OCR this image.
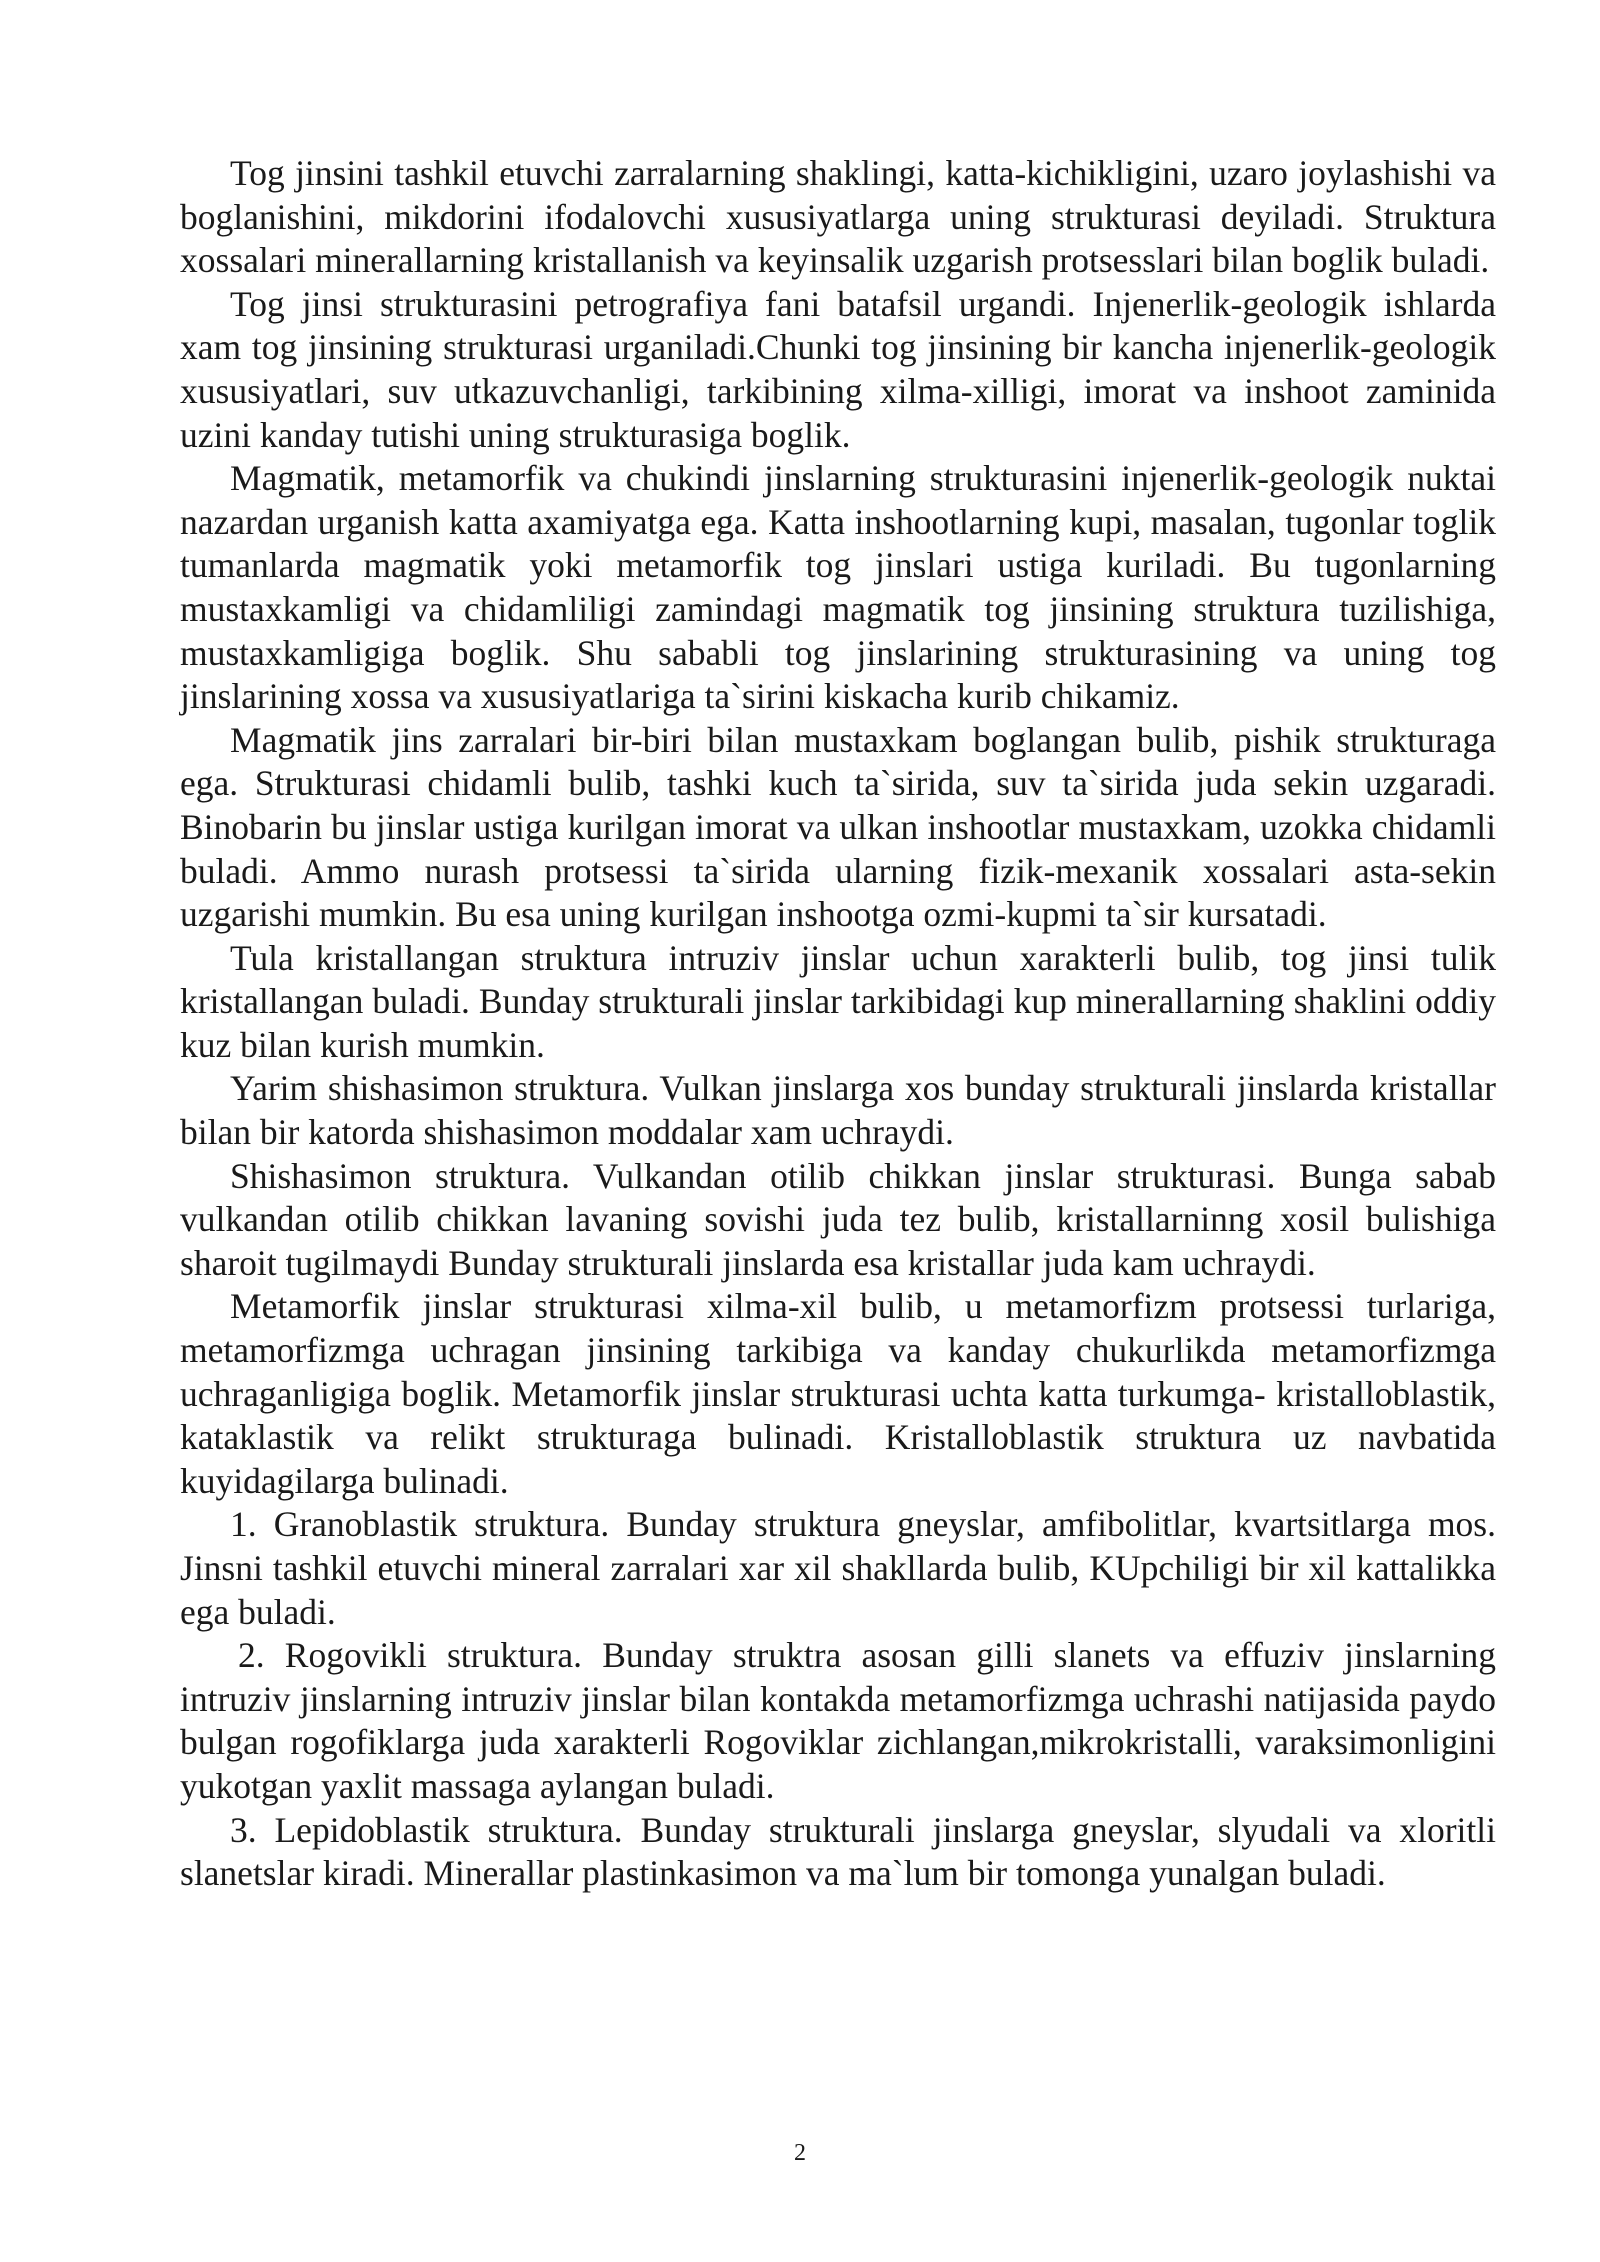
Tog jinsini tashkil etuvchi zarralarning shaklingi, katta-kichikligini, uzaro joylashishi va boglanishini, mikdorini ifodalovchi xususiyatlarga uning strukturasi deyiladi. Struktura xossalari minerallarning kristallanish va keyinsalik uzgarish protsesslari bilan boglik buladi.

Tog jinsi strukturasini petrografiya fani batafsil urgandi. Injenerlik-geologik ishlarda xam tog jinsining strukturasi urganiladi.Chunki tog jinsining bir kancha injenerlik-geologik xususiyatlari, suv utkazuvchanligi, tarkibining xilma-xilligi, imorat va inshoot zaminida uzini kanday tutishi uning strukturasiga boglik.

Magmatik, metamorfik va chukindi jinslarning strukturasini injenerlik-geologik nuktai nazardan urganish katta axamiyatga ega. Katta inshootlarning kupi, masalan, tugonlar toglik tumanlarda magmatik yoki metamorfik tog jinslari ustiga kuriladi. Bu tugonlarning mustaxkamligi va chidamliligi zamindagi magmatik tog jinsining struktura tuzilishiga, mustaxkamligiga boglik. Shu sababli tog jinslarining strukturasining va uning tog jinslarining xossa va xususiyatlariga ta`sirini kiskacha kurib chikamiz.

Magmatik jins zarralari bir-biri bilan mustaxkam boglangan bulib, pishik strukturaga ega. Strukturasi chidamli bulib, tashki kuch ta`sirida, suv ta`sirida juda sekin uzgaradi. Binobarin bu jinslar ustiga kurilgan imorat va ulkan inshootlar mustaxkam, uzokka chidamli buladi. Ammo nurash protsessi ta`sirida ularning fizik-mexanik xossalari asta-sekin uzgarishi mumkin. Bu esa uning kurilgan inshootga ozmi-kupmi ta`sir kursatadi.

Tula kristallangan struktura intruziv jinslar uchun xarakterli bulib, tog jinsi tulik kristallangan buladi. Bunday strukturali jinslar tarkibidagi kup minerallarning shaklini oddiy kuz bilan kurish mumkin.

Yarim shishasimon struktura. Vulkan jinslarga xos bunday strukturali jinslarda kristallar bilan bir katorda shishasimon moddalar xam uchraydi.

Shishasimon struktura. Vulkandan otilib chikkan jinslar strukturasi. Bunga sabab vulkandan otilib chikkan lavaning sovishi juda tez bulib, kristallarninng xosil bulishiga sharoit tugilmaydi Bunday strukturali jinslarda esa kristallar juda kam uchraydi.

Metamorfik jinslar strukturasi xilma-xil bulib, u metamorfizm protsessi turlariga, metamorfizmga uchragan jinsining tarkibiga va kanday chukurlikda metamorfizmga uchraganligiga boglik. Metamorfik jinslar strukturasi uchta katta turkumga- kristalloblastik, kataklastik va relikt strukturaga bulinadi. Kristalloblastik struktura uz navbatida kuyidagilarga bulinadi.

1. Granoblastik struktura. Bunday struktura gneyslar, amfibolitlar, kvartsitlarga mos. Jinsni tashkil etuvchi mineral zarralari xar xil shakllarda bulib, KUpchiligi bir xil kattalikka ega buladi.

2. Rogovikli struktura. Bunday struktra asosan gilli slanets va effuziv jinslarning intruziv jinslarning intruziv jinslar bilan kontakda metamorfizmga uchrashi natijasida paydo bulgan rogofiklarga juda xarakterli Rogoviklar zichlangan,mikrokristalli, varaksimonligini yukotgan yaxlit massaga aylangan buladi.

3. Lepidoblastik struktura. Bunday strukturali jinslarga gneyslar, slyudali va xloritli slanetslar kiradi. Minerallar plastinkasimon va ma`lum bir tomonga yunalgan buladi.

2
